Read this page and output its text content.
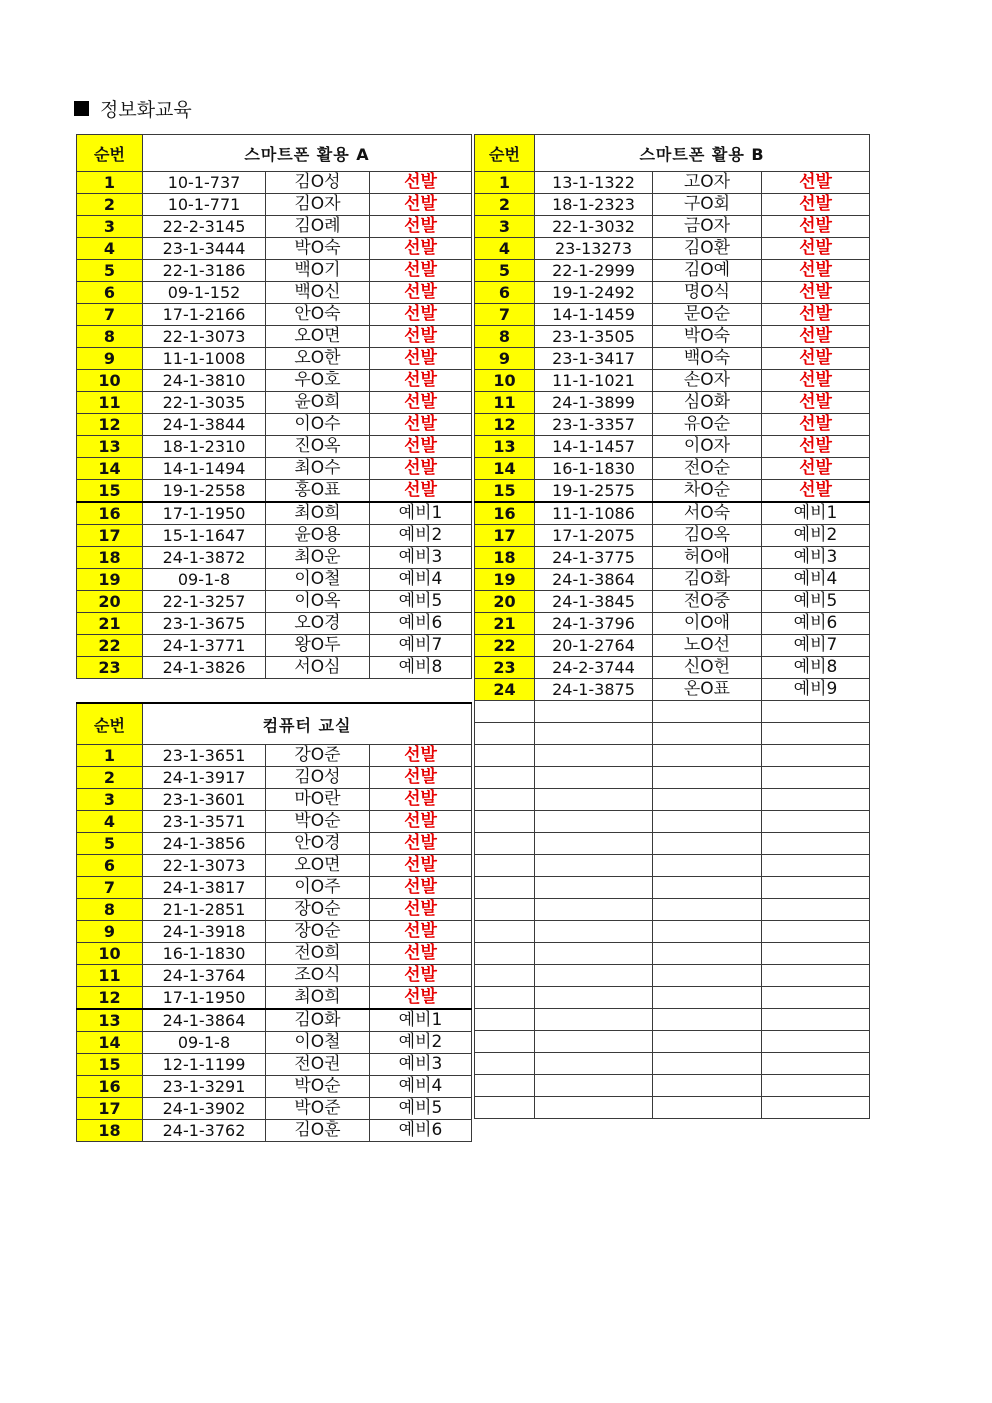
정보화교육
순번	스마트폰 활용 A		
1	10-1-737	김O성	선발
2	10-1-771	김O자	선발
3	22-2-3145	김O례	선발
4	23-1-3444	박O숙	선발
5	22-1-3186	백O기	선발
6	09-1-152	백O신	선발
7	17-1-2166	안O숙	선발
8	22-1-3073	오O면	선발
9	11-1-1008	오O한	선발
10	24-1-3810	우O호	선발
11	22-1-3035	윤O희	선발
12	24-1-3844	이O수	선발
13	18-1-2310	진O옥	선발
14	14-1-1494	최O수	선발
15	19-1-2558	홍O표	선발
16	17-1-1950	최O희	예비1
17	15-1-1647	윤O용	예비2
18	24-1-3872	최O운	예비3
19	09-1-8	이O철	예비4
20	22-1-3257	이O옥	예비5
21	23-1-3675	오O경	예비6
22	24-1-3771	왕O두	예비7
23	24-1-3826	서O심	예비8
순번	스마트폰 활용 B		
1	13-1-1322	고O자	선발
2	18-1-2323	구O회	선발
3	22-1-3032	금O자	선발
4	23-13273	김O환	선발
5	22-1-2999	김O예	선발
6	19-1-2492	명O식	선발
7	14-1-1459	문O순	선발
8	23-1-3505	박O숙	선발
9	23-1-3417	백O숙	선발
10	11-1-1021	손O자	선발
11	24-1-3899	심O화	선발
12	23-1-3357	유O순	선발
13	14-1-1457	이O자	선발
14	16-1-1830	전O순	선발
15	19-1-2575	차O순	선발
16	11-1-1086	서O숙	예비1
17	17-1-2075	김O옥	예비2
18	24-1-3775	허O애	예비3
19	24-1-3864	김O화	예비4
20	24-1-3845	전O중	예비5
21	24-1-3796	이O애	예비6
22	20-1-2764	노O선	예비7
23	24-2-3744	신O헌	예비8
24	24-1-3875	온O표	예비9

순번	컴퓨터 교실		
1	23-1-3651	강O준	선발
2	24-1-3917	김O성	선발
3	23-1-3601	마O란	선발
4	23-1-3571	박O순	선발
5	24-1-3856	안O경	선발
6	22-1-3073	오O면	선발
7	24-1-3817	이O주	선발
8	21-1-2851	장O순	선발
9	24-1-3918	장O순	선발
10	16-1-1830	전O희	선발
11	24-1-3764	조O식	선발
12	17-1-1950	최O희	선발
13	24-1-3864	김O화	예비1
14	09-1-8	이O철	예비2
15	12-1-1199	전O권	예비3
16	23-1-3291	박O순	예비4
17	24-1-3902	박O준	예비5
18	24-1-3762	김O훈	예비6
